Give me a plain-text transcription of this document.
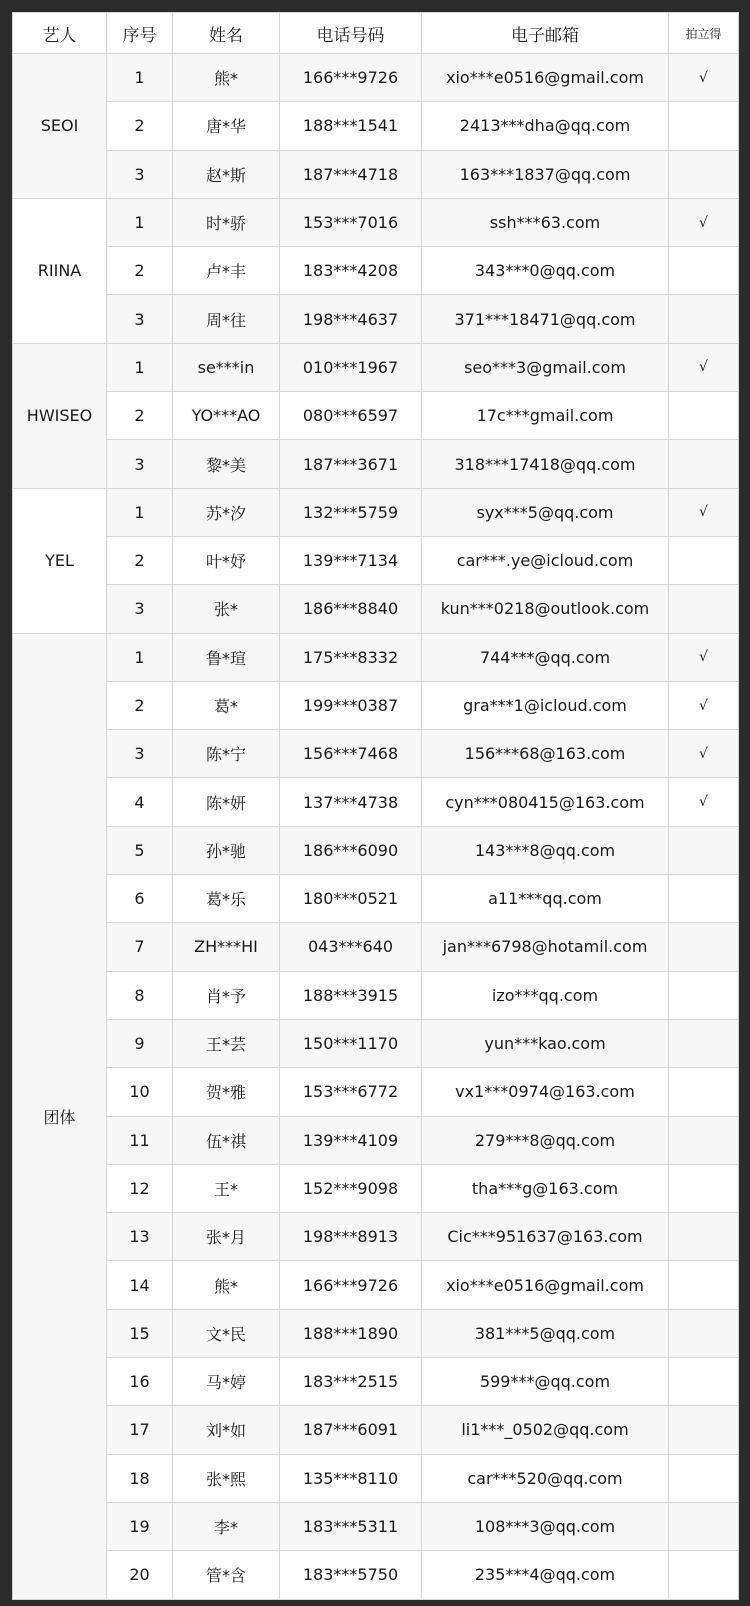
艺人	序号	姓名	电话号码	电子邮箱	拍立得
SEOI	1	熊*	166***9726	xio***e0516@gmail.com	√
	2	唐*华	188***1541	2413***dha@qq.com	
	3	赵*斯	187***4718	163***1837@qq.com	
RIINA	1	时*骄	153***7016	ssh***63.com	√
	2	卢*丰	183***4208	343***0@qq.com	
	3	周*往	198***4637	371***18471@qq.com	
HWISEO	1	se***in	010***1967	seo***3@gmail.com	√
	2	YO***AO	080***6597	17c***gmail.com	
	3	黎*美	187***3671	318***17418@qq.com	
YEL	1	苏*汐	132***5759	syx***5@qq.com	√
	2	叶*妤	139***7134	car***.ye@icloud.com	
	3	张*	186***8840	kun***0218@outlook.com	
团体	1	鲁*瑄	175***8332	744***@qq.com	√
	2	葛*	199***0387	gra***1@icloud.com	√
	3	陈*宁	156***7468	156***68@163.com	√
	4	陈*妍	137***4738	cyn***080415@163.com	√
	5	孙*驰	186***6090	143***8@qq.com	
	6	葛*乐	180***0521	a11***qq.com	
	7	ZH***HI	043***640	jan***6798@hotamil.com	
	8	肖*予	188***3915	izo***qq.com	
	9	王*芸	150***1170	yun***kao.com	
	10	贺*雅	153***6772	vx1***0974@163.com	
	11	伍*祺	139***4109	279***8@qq.com	
	12	王*	152***9098	tha***g@163.com	
	13	张*月	198***8913	Cic***951637@163.com	
	14	熊*	166***9726	xio***e0516@gmail.com	
	15	文*民	188***1890	381***5@qq.com	
	16	马*婷	183***2515	599***@qq.com	
	17	刘*如	187***6091	li1***_0502@qq.com	
	18	张*熙	135***8110	car***520@qq.com	
	19	李*	183***5311	108***3@qq.com	
	20	管*含	183***5750	235***4@qq.com	
